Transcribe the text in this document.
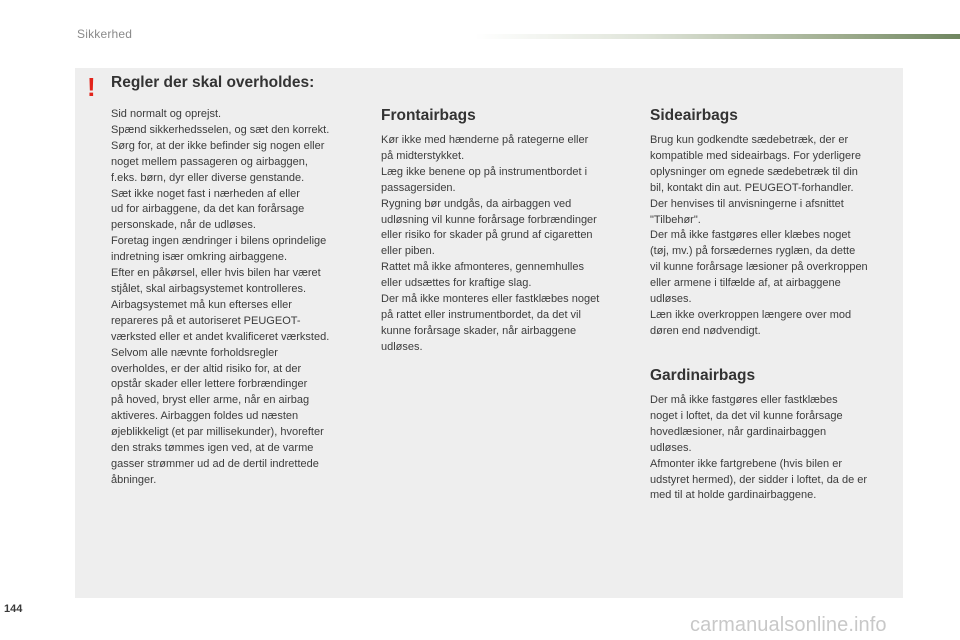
Sikkerhed
! Regler der skal overholdes:

Sid normalt og oprejst.

Spænd sikkerhedsselen, og sæt den korrekt.

Sørg for, at der ikke befinder sig nogen eller

noget mellem passageren og airbaggen,

f.eks. børn, dyr eller diverse genstande.

Sæt ikke noget fast i nærheden af eller

ud for airbaggene, da det kan forårsage

personskade, når de udløses.

Foretag ingen ændringer i bilens oprindelige

indretning især omkring airbaggene.

Efter en påkørsel, eller hvis bilen har været

stjålet, skal airbagsystemet kontrolleres.

Airbagsystemet må kun efterses eller

repareres på et autoriseret PEUGEOT-

værksted eller et andet kvalificeret værksted.

Selvom alle nævnte forholdsregler

overholdes, er der altid risiko for, at der

opstår skader eller lettere forbrændinger

på hoved, bryst eller arme, når en airbag

aktiveres. Airbaggen foldes ud næsten

øjeblikkeligt (et par millisekunder), hvorefter

den straks tømmes igen ved, at de varme

gasser strømmer ud ad de dertil indrettede

åbninger.

Frontairbags

Kør ikke med hænderne på rategerne eller

på midterstykket.

Læg ikke benene op på instrumentbordet i

passagersiden.

Rygning bør undgås, da airbaggen ved

udløsning vil kunne forårsage forbrændinger

eller risiko for skader på grund af cigaretten

eller piben.

Rattet må ikke afmonteres, gennemhulles

eller udsættes for kraftige slag.

Der må ikke monteres eller fastklæbes noget

på rattet eller instrumentbordet, da det vil

kunne forårsage skader, når airbaggene

udløses.

Sideairbags

Brug kun godkendte sædebetræk, der er

kompatible med sideairbags. For yderligere

oplysninger om egnede sædebetræk til din

bil, kontakt din aut. PEUGEOT-forhandler.

Der henvises til anvisningerne i afsnittet

"Tilbehør".

Der må ikke fastgøres eller klæbes noget

(tøj, mv.) på forsædernes ryglæn, da dette

vil kunne forårsage læsioner på overkroppen

eller armene i tilfælde af, at airbaggene

udløses.

Læn ikke overkroppen længere over mod

døren end nødvendigt.

Gardinairbags

Der må ikke fastgøres eller fastklæbes

noget i loftet, da det vil kunne forårsage

hovedlæsioner, når gardinairbaggen

udløses.

Afmonter ikke fartgrebene (hvis bilen er

udstyret hermed), der sidder i loftet, da de er

med til at holde gardinairbaggene.

144
carmanualsonline.info
